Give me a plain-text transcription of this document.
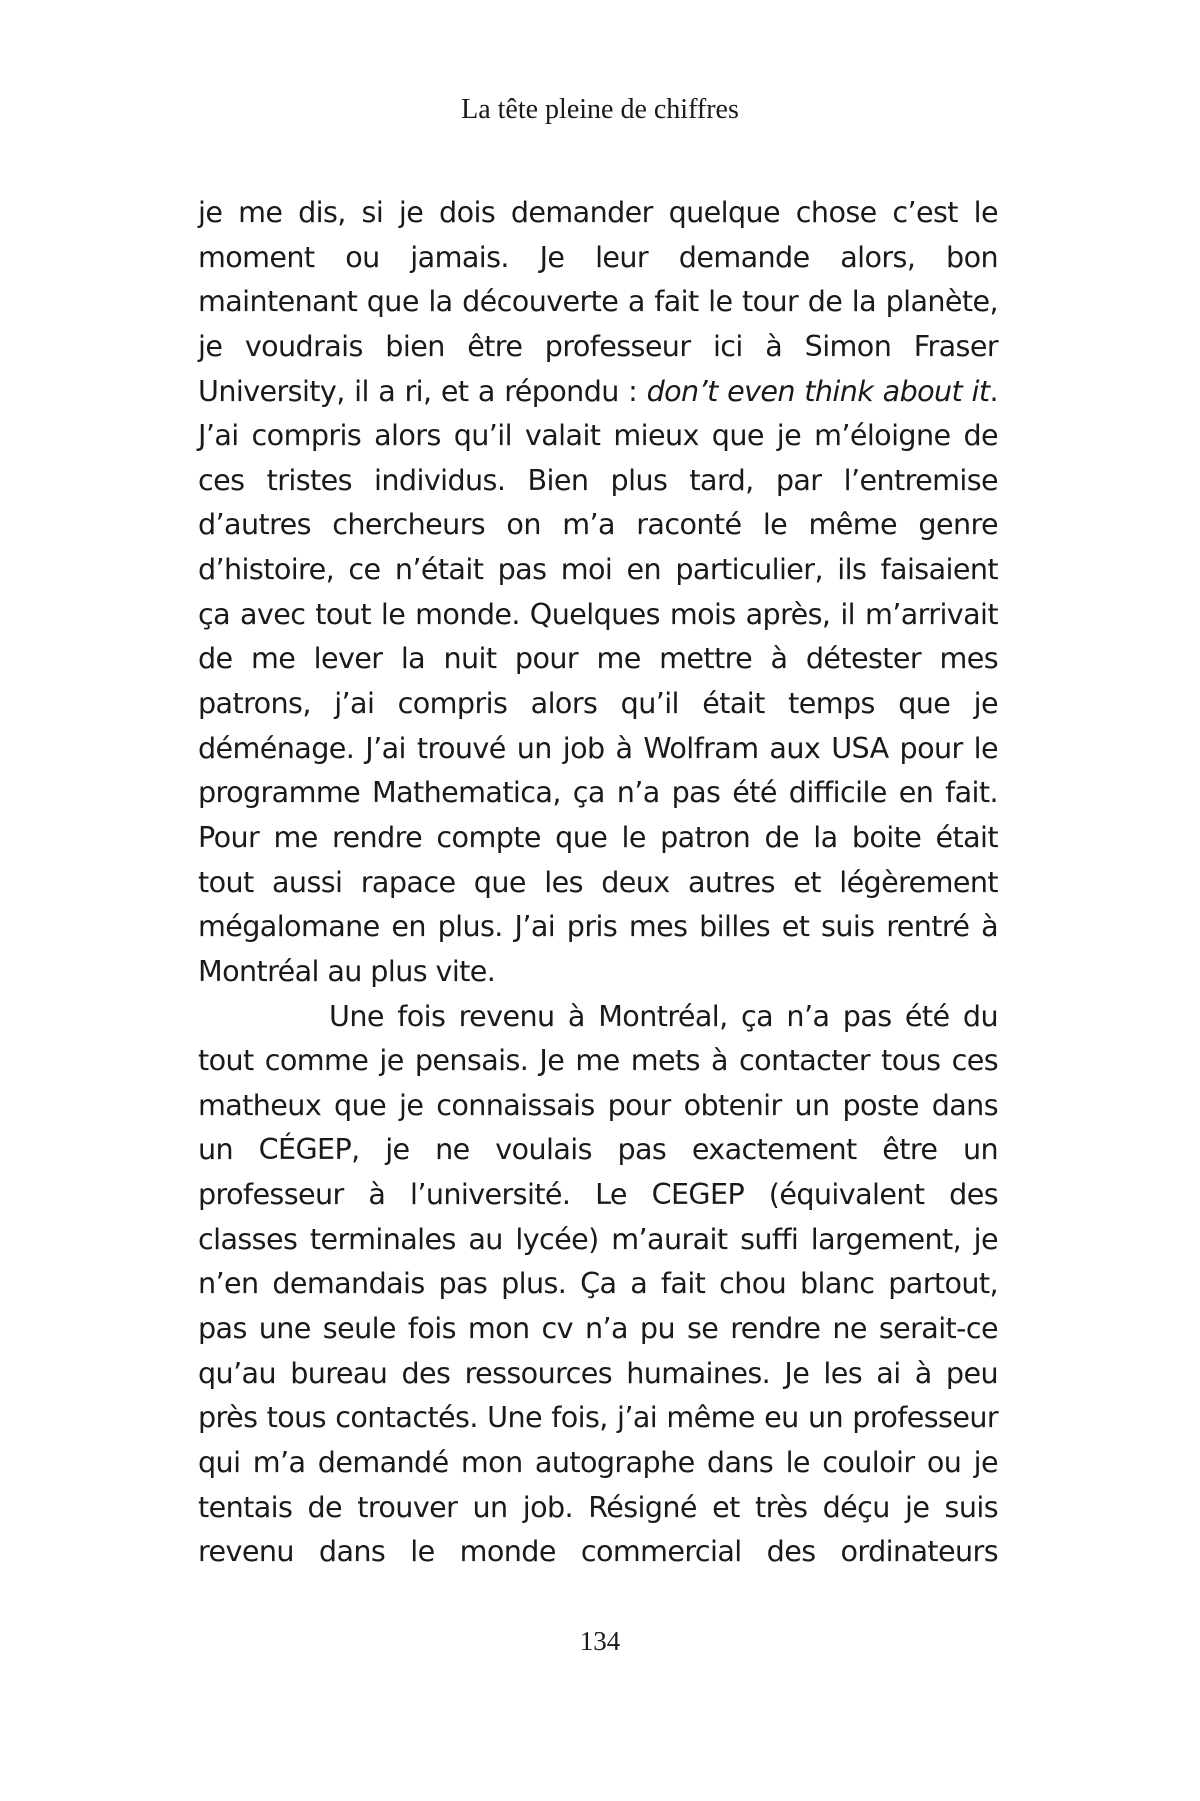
La tête pleine de chiffres
je me dis, si je dois demander quelque chose c’est le
moment ou jamais. Je leur demande alors, bon
maintenant que la découverte a fait le tour de la planète,
je voudrais bien être professeur ici à Simon Fraser
University, il a ri, et a répondu : don’t even think about it.
J’ai compris alors qu’il valait mieux que je m’éloigne de
ces tristes individus. Bien plus tard, par l’entremise
d’autres chercheurs on m’a raconté le même genre
d’histoire, ce n’était pas moi en particulier, ils faisaient
ça avec tout le monde. Quelques mois après, il m’arrivait
de me lever la nuit pour me mettre à détester mes
patrons, j’ai compris alors qu’il était temps que je
déménage. J’ai trouvé un job à Wolfram aux USA pour le
programme Mathematica, ça n’a pas été difficile en fait.
Pour me rendre compte que le patron de la boite était
tout aussi rapace que les deux autres et légèrement
mégalomane en plus. J’ai pris mes billes et suis rentré à
Montréal au plus vite.
Une fois revenu à Montréal, ça n’a pas été du
tout comme je pensais. Je me mets à contacter tous ces
matheux que je connaissais pour obtenir un poste dans
un CÉGEP, je ne voulais pas exactement être un
professeur à l’université. Le CEGEP (équivalent des
classes terminales au lycée) m’aurait suffi largement, je
n’en demandais pas plus. Ça a fait chou blanc partout,
pas une seule fois mon cv n’a pu se rendre ne serait-ce
qu’au bureau des ressources humaines. Je les ai à peu
près tous contactés. Une fois, j’ai même eu un professeur
qui m’a demandé mon autographe dans le couloir ou je
tentais de trouver un job. Résigné et très déçu je suis
revenu dans le monde commercial des ordinateurs
134
